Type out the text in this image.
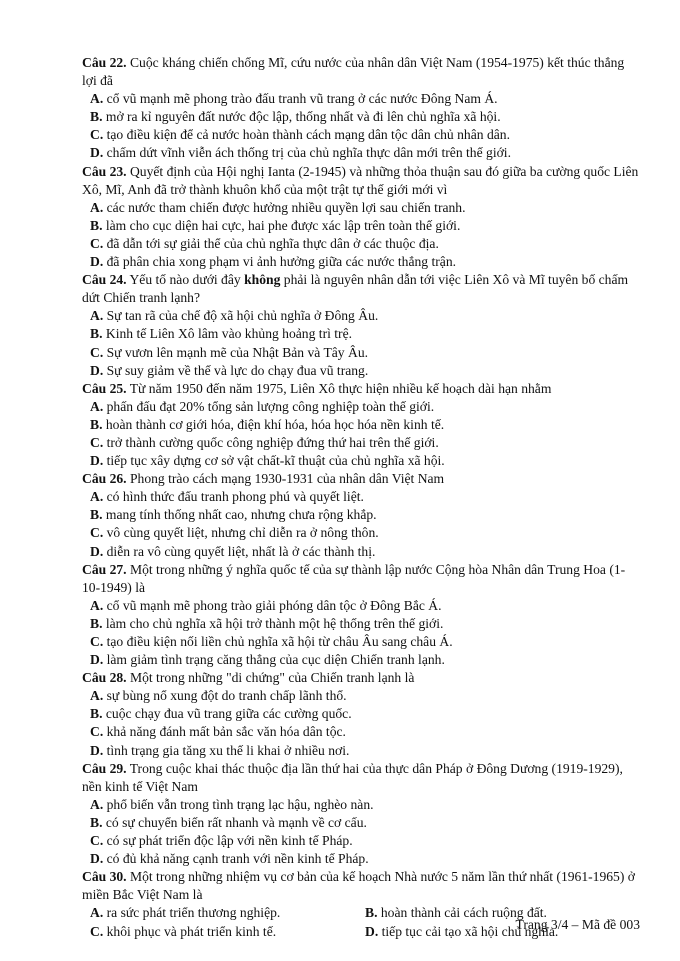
Câu 22. Cuộc kháng chiến chống Mĩ, cứu nước của nhân dân Việt Nam (1954-1975) kết thúc thắng lợi đã

A. cổ vũ mạnh mẽ phong trào đấu tranh vũ trang ở các nước Đông Nam Á.

B. mở ra kỉ nguyên đất nước độc lập, thống nhất và đi lên chủ nghĩa xã hội.

C. tạo điều kiện để cả nước hoàn thành cách mạng dân tộc dân chủ nhân dân.

D. chấm dứt vĩnh viễn ách thống trị của chủ nghĩa thực dân mới trên thế giới.

Câu 23. Quyết định của Hội nghị Ianta (2-1945) và những thỏa thuận sau đó giữa ba cường quốc Liên Xô, Mĩ, Anh đã trở thành khuôn khổ của một trật tự thế giới mới vì

A. các nước tham chiến được hưởng nhiều quyền lợi sau chiến tranh.

B. làm cho cục diện hai cực, hai phe được xác lập trên toàn thế giới.

C. đã dẫn tới sự giải thể của chủ nghĩa thực dân ở các thuộc địa.

D. đã phân chia xong phạm vi ảnh hưởng giữa các nước thắng trận.

Câu 24. Yếu tố nào dưới đây không phải là nguyên nhân dẫn tới việc Liên Xô và Mĩ tuyên bố chấm dứt Chiến tranh lạnh?

A. Sự tan rã của chế độ xã hội chủ nghĩa ở Đông Âu.

B. Kinh tế Liên Xô lâm vào khủng hoảng trì trệ.

C. Sự vươn lên mạnh mẽ của Nhật Bản và Tây Âu.

D. Sự suy giảm về thế và lực do chạy đua vũ trang.

Câu 25. Từ năm 1950 đến năm 1975, Liên Xô thực hiện nhiều kế hoạch dài hạn nhằm

A. phấn đấu đạt 20% tổng sản lượng công nghiệp toàn thế giới.

B. hoàn thành cơ giới hóa, điện khí hóa, hóa học hóa nền kinh tế.

C. trở thành cường quốc công nghiệp đứng thứ hai trên thế giới.

D. tiếp tục xây dựng cơ sở vật chất-kĩ thuật của chủ nghĩa xã hội.

Câu 26. Phong trào cách mạng 1930-1931 của nhân dân Việt Nam

A. có hình thức đấu tranh phong phú và quyết liệt.

B. mang tính thống nhất cao, nhưng chưa rộng khắp.

C. vô cùng quyết liệt, nhưng chỉ diễn ra ở nông thôn.

D. diễn ra vô cùng quyết liệt, nhất là ở các thành thị.

Câu 27. Một trong những ý nghĩa quốc tế của sự thành lập nước Cộng hòa Nhân dân Trung Hoa (1-10-1949) là

A. cổ vũ mạnh mẽ phong trào giải phóng dân tộc ở Đông Bắc Á.

B. làm cho chủ nghĩa xã hội trở thành một hệ thống trên thế giới.

C. tạo điều kiện nối liền chủ nghĩa xã hội từ châu Âu sang châu Á.

D. làm giảm tình trạng căng thẳng của cục diện Chiến tranh lạnh.

Câu 28. Một trong những "di chứng" của Chiến tranh lạnh là

A. sự bùng nổ xung đột do tranh chấp lãnh thổ.

B. cuộc chạy đua vũ trang giữa các cường quốc.

C. khả năng đánh mất bản sắc văn hóa dân tộc.

D. tình trạng gia tăng xu thế li khai ở nhiều nơi.

Câu 29. Trong cuộc khai thác thuộc địa lần thứ hai của thực dân Pháp ở Đông Dương (1919-1929), nền kinh tế Việt Nam

A. phổ biến vẫn trong tình trạng lạc hậu, nghèo nàn.

B. có sự chuyển biến rất nhanh và mạnh về cơ cấu.

C. có sự phát triển độc lập với nền kinh tế Pháp.

D. có đủ khả năng cạnh tranh với nền kinh tế Pháp.

Câu 30. Một trong những nhiệm vụ cơ bản của kế hoạch Nhà nước 5 năm lần thứ nhất (1961-1965) ở miền Bắc Việt Nam là

A. ra sức phát triển thương nghiệp.	B. hoàn thành cải cách ruộng đất.
C. khôi phục và phát triển kinh tế.	D. tiếp tục cải tạo xã hội chủ nghĩa.
Trang 3/4 – Mã đề 003
